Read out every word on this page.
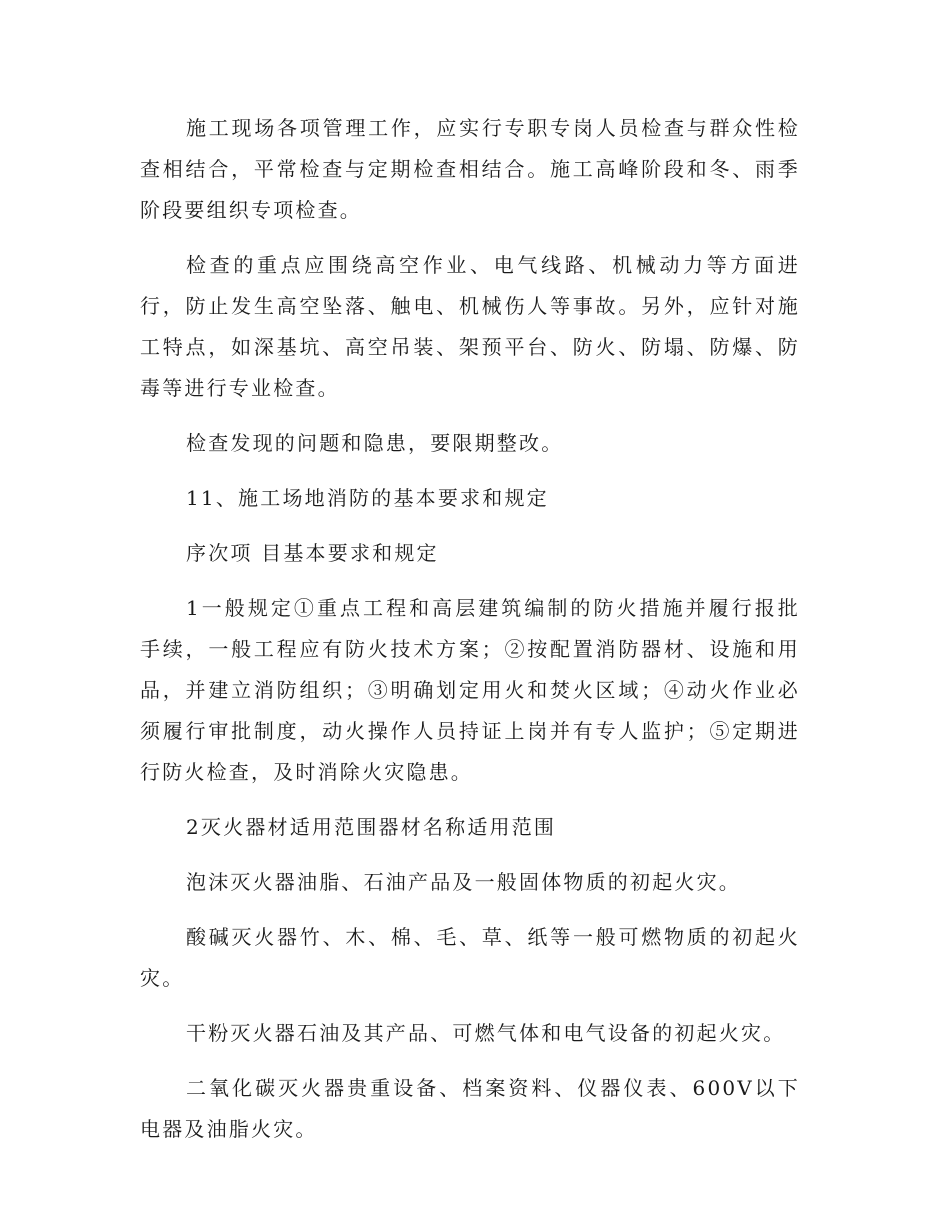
施工现场各项管理工作，应实行专职专岗人员检查与群众性检查相结合，平常检查与定期检查相结合。施工高峰阶段和冬、雨季阶段要组织专项检查。

检查的重点应围绕高空作业、电气线路、机械动力等方面进行，防止发生高空坠落、触电、机械伤人等事故。另外，应针对施工特点，如深基坑、高空吊装、架预平台、防火、防塌、防爆、防毒等进行专业检查。

检查发现的问题和隐患，要限期整改。

11、施工场地消防的基本要求和规定

序次项 目基本要求和规定

1一般规定①重点工程和高层建筑编制的防火措施并履行报批手续，一般工程应有防火技术方案；②按配置消防器材、设施和用品，并建立消防组织；③明确划定用火和焚火区域；④动火作业必须履行审批制度，动火操作人员持证上岗并有专人监护；⑤定期进行防火检查，及时消除火灾隐患。

2灭火器材适用范围器材名称适用范围

泡沫灭火器油脂、石油产品及一般固体物质的初起火灾。

酸碱灭火器竹、木、棉、毛、草、纸等一般可燃物质的初起火灾。

干粉灭火器石油及其产品、可燃气体和电气设备的初起火灾。

二氧化碳灭火器贵重设备、档案资料、仪器仪表、600V以下电器及油脂火灾。
